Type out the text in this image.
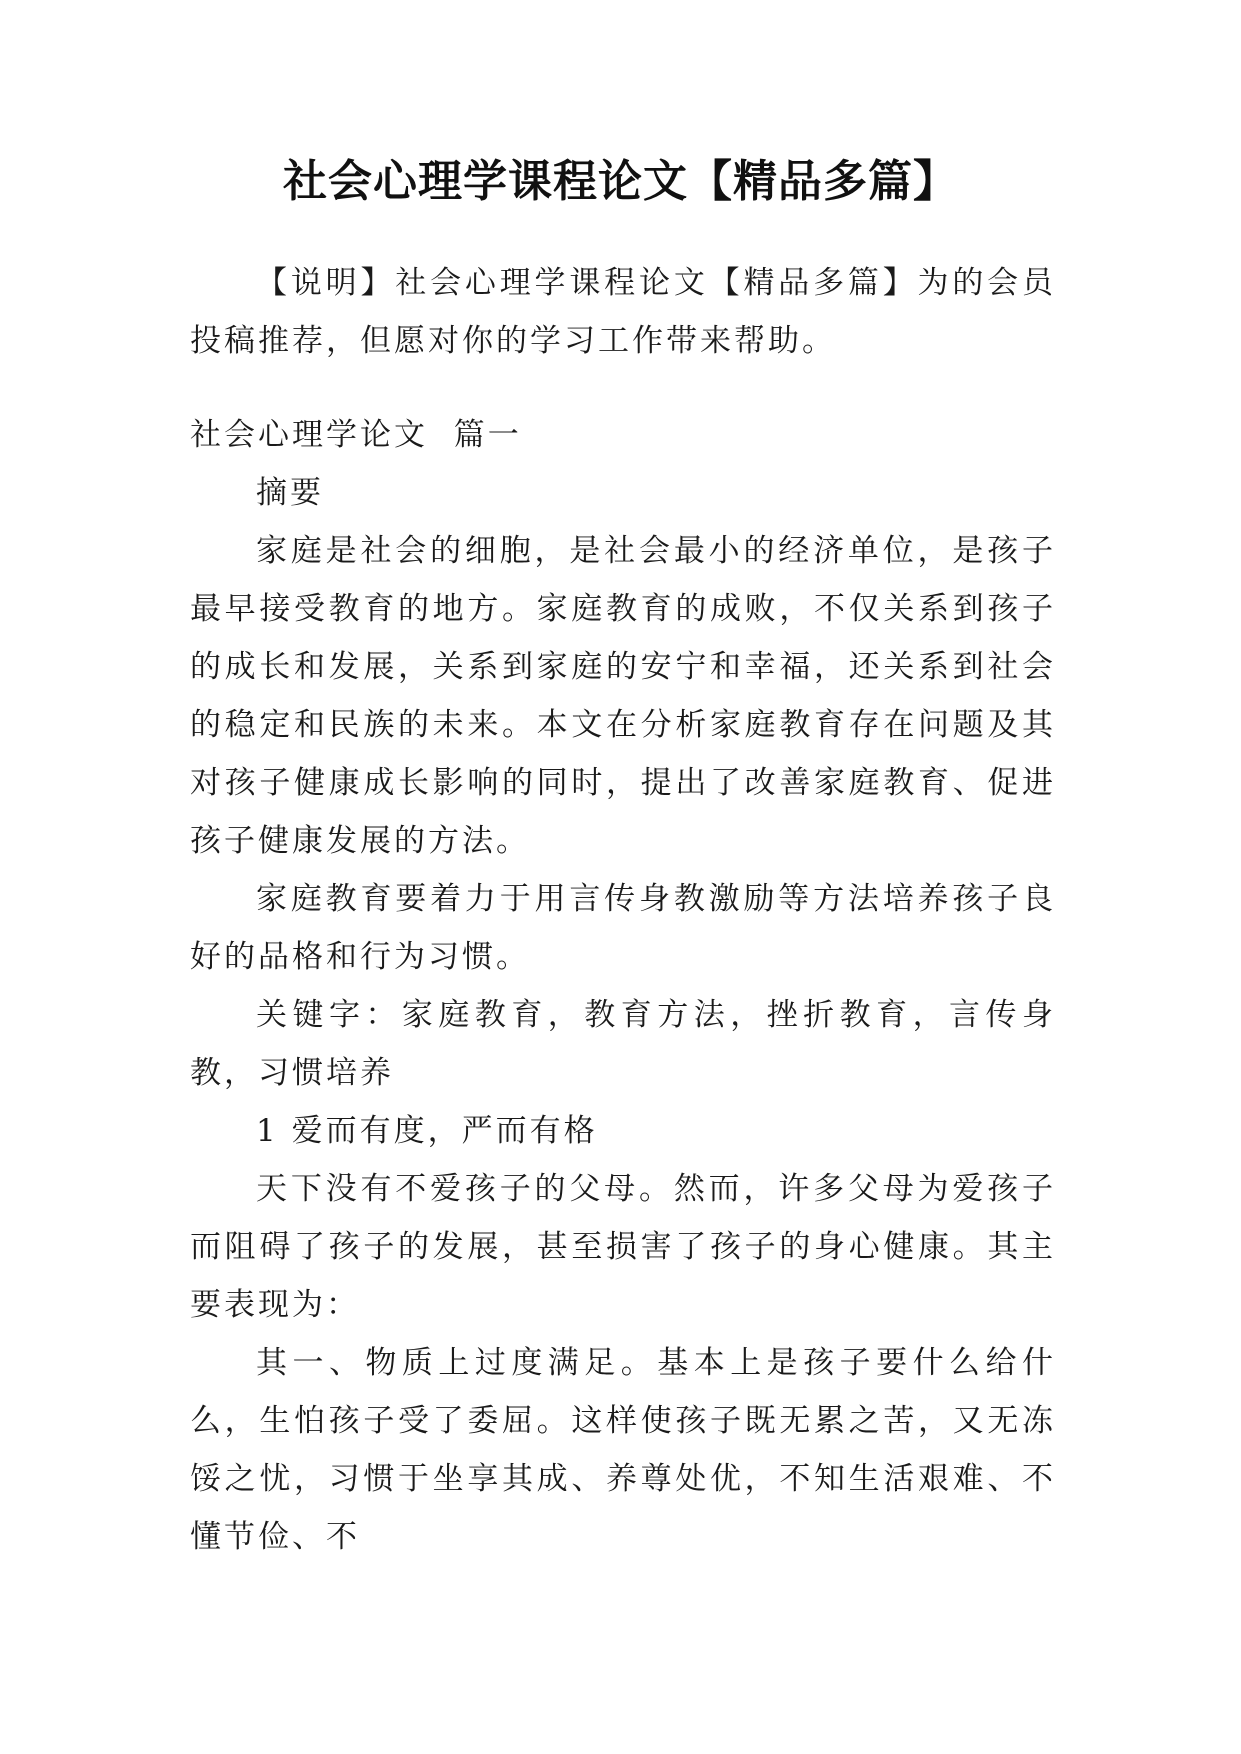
社会心理学课程论文【精品多篇】

【说明】社会心理学课程论文【精品多篇】为的会员投稿推荐，但愿对你的学习工作带来帮助。

社会心理学论文  篇一

摘要

家庭是社会的细胞，是社会最小的经济单位，是孩子最早接受教育的地方。家庭教育的成败，不仅关系到孩子的成长和发展，关系到家庭的安宁和幸福，还关系到社会的稳定和民族的未来。本文在分析家庭教育存在问题及其对孩子健康成长影响的同时，提出了改善家庭教育、促进孩子健康发展的方法。

家庭教育要着力于用言传身教激励等方法培养孩子良好的品格和行为习惯。

关键字：家庭教育，教育方法，挫折教育，言传身教，习惯培养

1 爱而有度，严而有格

天下没有不爱孩子的父母。然而，许多父母为爱孩子而阻碍了孩子的发展，甚至损害了孩子的身心健康。其主要表现为：

其一、物质上过度满足。基本上是孩子要什么给什么，生怕孩子受了委屈。这样使孩子既无累之苦，又无冻馁之忧，习惯于坐享其成、养尊处优，不知生活艰难、不懂节俭、不
